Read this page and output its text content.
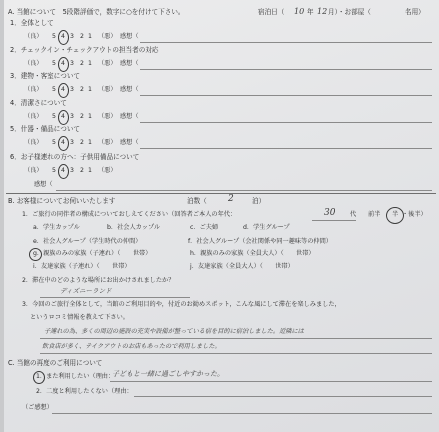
A. 当館について　5段階評価で，数字に○を付けて下さい。	宿泊日（ 10 年 12 月）・お部屋（	名用）
1．全体として
（良） 5 4 3 2 1 （悪） 感想（
2．チェックイン・チェックアウトの担当者の対応
（良） 5 4 3 2 1 （悪） 感想（
3．建物・客室について
（良） 5 4 3 2 1 （悪） 感想（
4．清潔さについて
（良） 5 4 3 2 1 （悪） 感想（
5．什器・備品について
（良） 5 4 3 2 1 （悪） 感想（
6．お子様連れの方へ：子供用備品について
（良） 5 4 3 2 1 （悪）
感想（
B. お客様についてお伺いいたします	泊数（ 2	泊）
1．ご旅行の同伴者の構成についておしえてください（回答者ご本人の年代：	30 代 前半 半 ・後半）
a．学生カップル	b．社会人カップル	c．ご夫婦	d．学生グループ
e．社会人グループ（学生時代の仲間）	f．社会人グループ（会社関係や同一趣味等の仲間）
g．親族のみの家族（子連れ）（　　世帯）	h．親族のみの家族（全員大人）（　　世帯）
i．友達家族（子連れ）（　　世帯）	j．友達家族（全員大人）（　　世帯）
2．滞在中のどのような場所にお出かけされましたか？
ディズニーランド
3．今回のご旅行全体として，当館のご利用目的や，付近のお勧めスポット，こんな風にして滞在を楽しみました，
というロコミ情報を教えて下さい。
子連れの為、多くの周辺の施設の充実や設備が整っている宿を目的に宿泊しました。近隣には
飲食店が多く、テイクアウトのお店もあったので利用しました。
C. 当館の再度のご利用について
1．また利用したい（理由：
子どもと一緒に過ごしやすかった。
2．二度と利用したくない（理由：
（ご感想）
